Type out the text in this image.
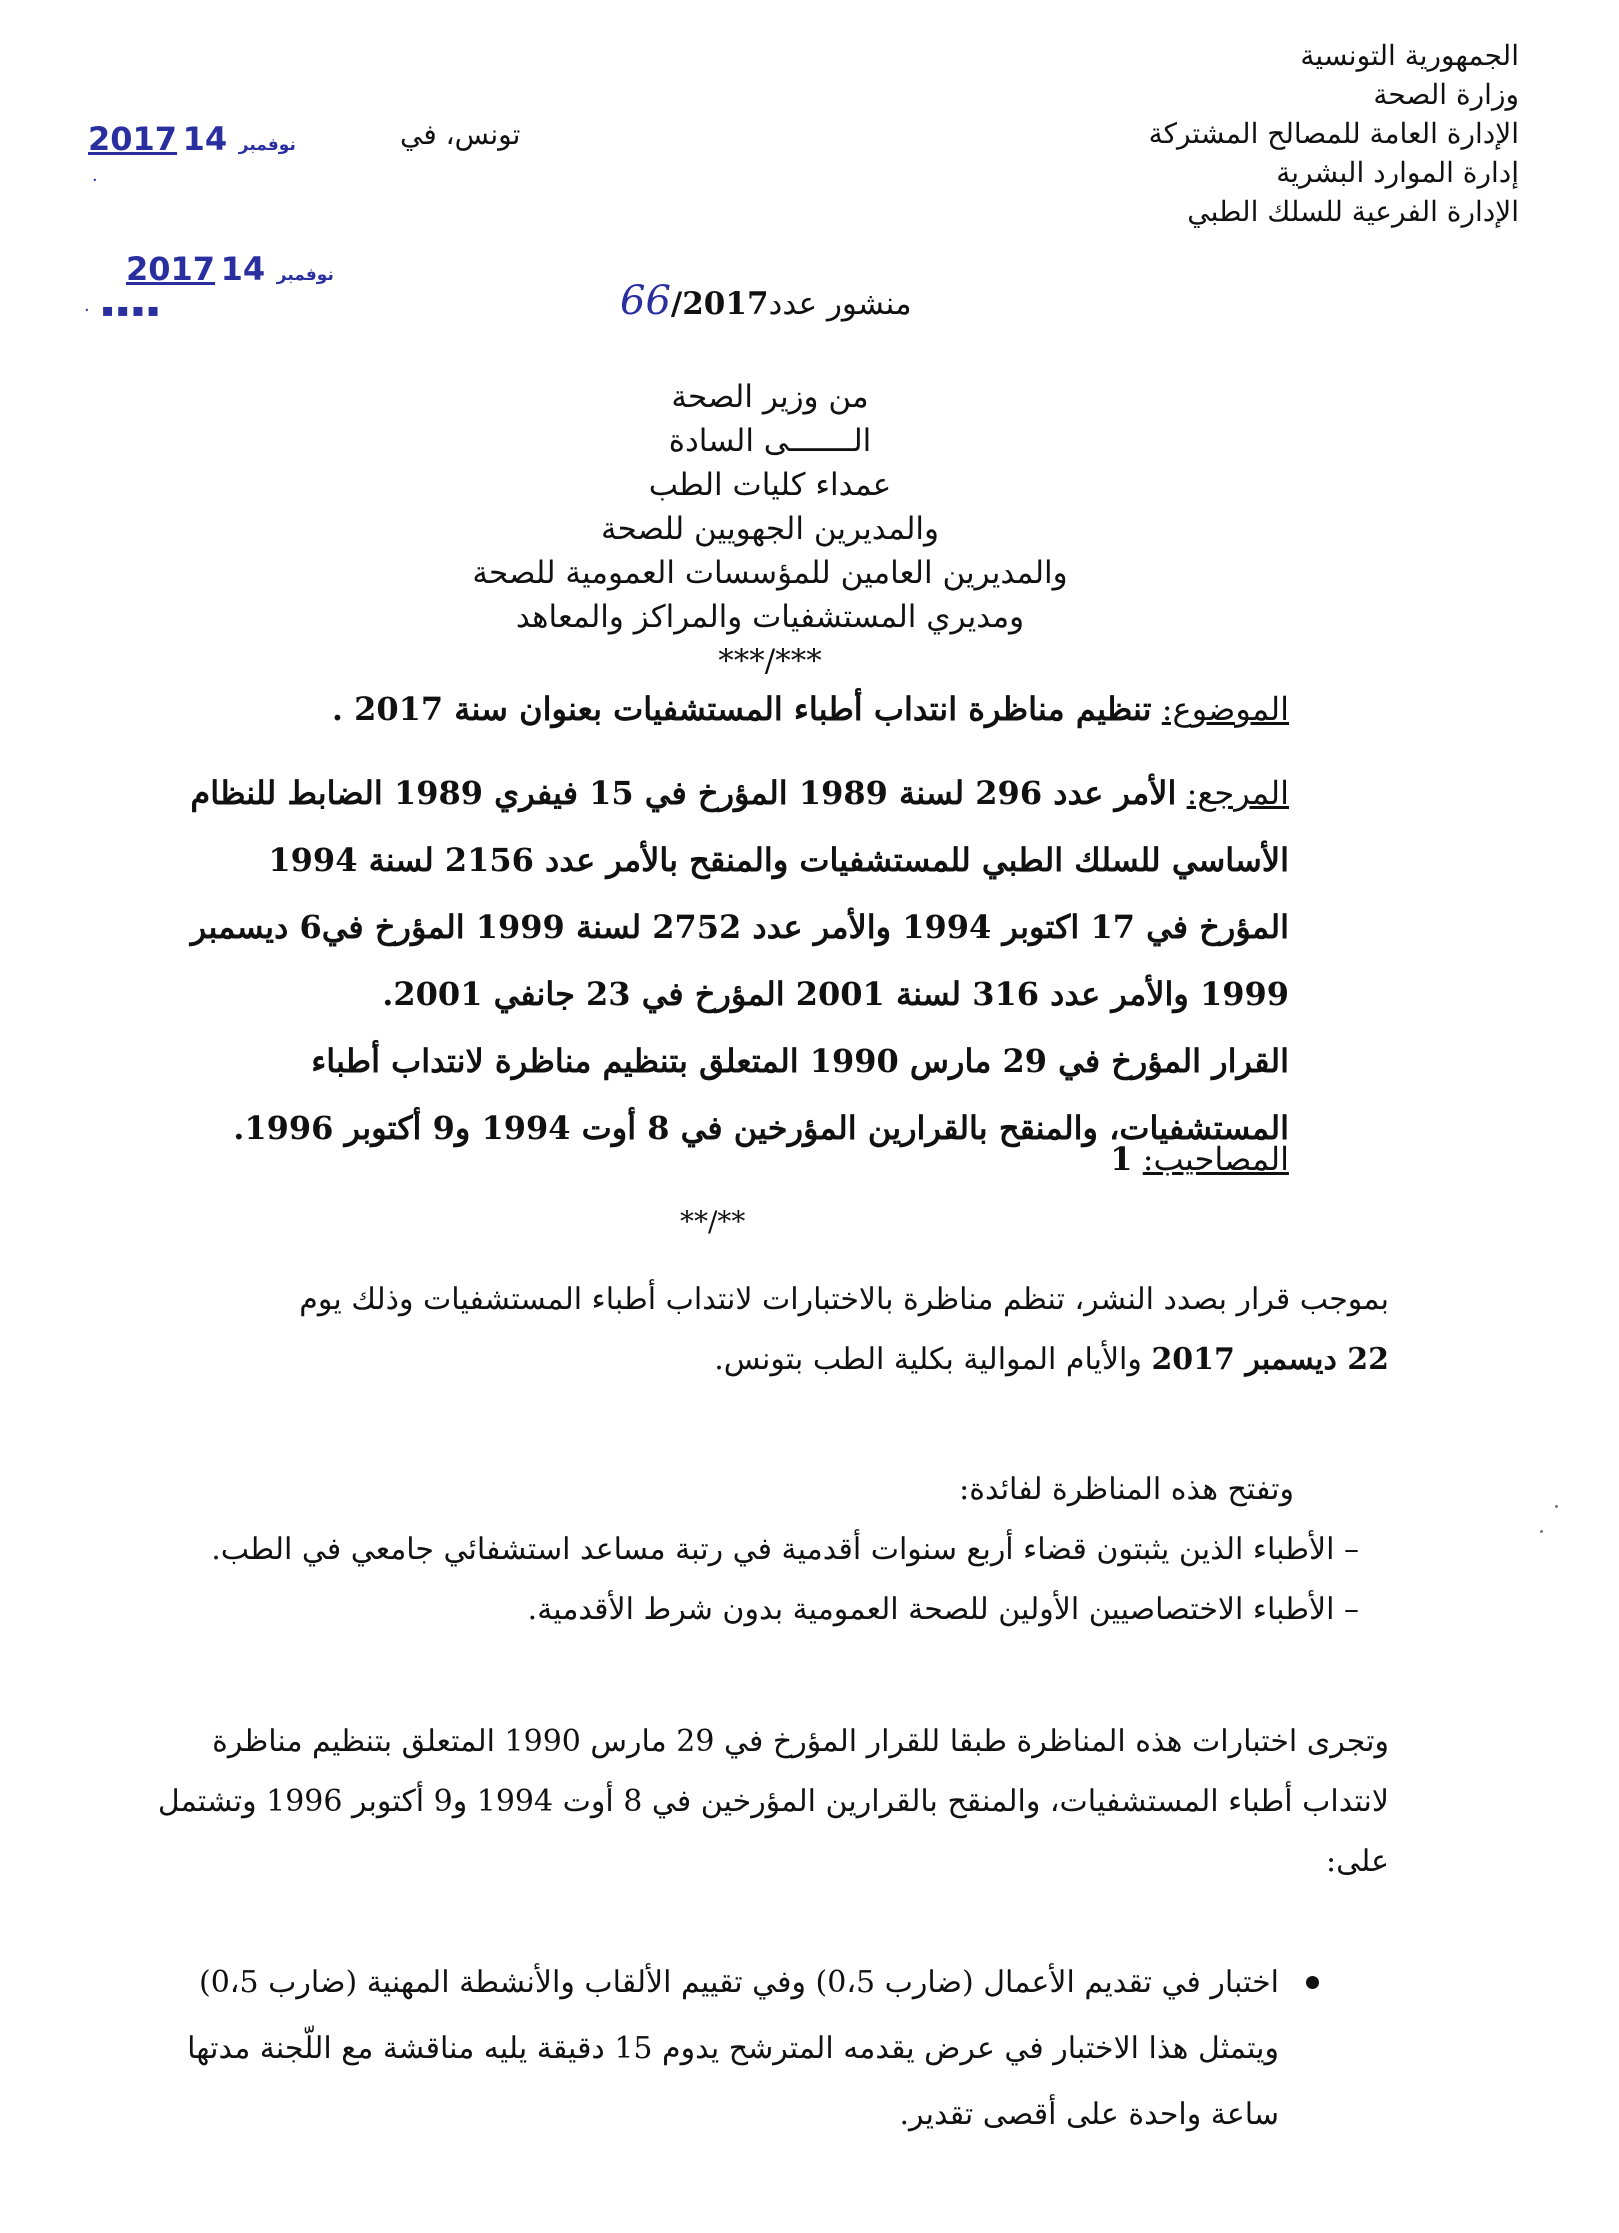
الجمهورية التونسية
وزارة الصحة
الإدارة العامة للمصالح المشتركة
إدارة الموارد البشرية
الإدارة الفرعية للسلك الطبي
تونس، في
2017	نوفمبر 14
·
2017	نوفمبر 14
· ▪▪▪▪	منشور عدد66/2017
من وزير الصحة
الـــــــى السادة
عمداء كليات الطب
والمديرين الجهويين للصحة
والمديرين العامين للمؤسسات العمومية للصحة
ومديري المستشفيات والمراكز والمعاهد
***/***
الموضوع: تنظيم مناظرة انتداب أطباء المستشفيات بعنوان سنة 2017 .
المرجع: الأمر عدد 296 لسنة 1989 المؤرخ في 15 فيفري 1989 الضابط للنظام
الأساسي للسلك الطبي للمستشفيات والمنقح بالأمر عدد 2156 لسنة 1994
المؤرخ في 17 اكتوبر 1994 والأمر عدد 2752 لسنة 1999 المؤرخ في6 ديسمبر
1999 والأمر عدد 316 لسنة 2001 المؤرخ في 23 جانفي 2001.
القرار المؤرخ في 29 مارس 1990 المتعلق بتنظيم مناظرة لانتداب أطباء
المستشفيات، والمنقح بالقرارين المؤرخين في 8 أوت 1994 و9 أكتوبر 1996.
المصاحيب: 1
**/**
بموجب قرار بصدد النشر، تنظم مناظرة بالاختبارات لانتداب أطباء المستشفيات وذلك يوم
22 ديسمبر 2017 والأيام الموالية بكلية الطب بتونس.
وتفتح هذه المناظرة لفائدة:
– الأطباء الذين يثبتون قضاء أربع سنوات أقدمية في رتبة مساعد استشفائي جامعي في الطب.
– الأطباء الاختصاصيين الأولين للصحة العمومية بدون شرط الأقدمية.
وتجرى اختبارات هذه المناظرة طبقا للقرار المؤرخ في 29 مارس 1990 المتعلق بتنظيم مناظرة
لانتداب أطباء المستشفيات، والمنقح بالقرارين المؤرخين في 8 أوت 1994 و9 أكتوبر 1996 وتشتمل
على:
اختبار في تقديم الأعمال (ضارب 0،5) وفي تقييم الألقاب والأنشطة المهنية (ضارب 0،5)
ويتمثل هذا الاختبار في عرض يقدمه المترشح يدوم 15 دقيقة يليه مناقشة مع اللّجنة مدتها
ساعة واحدة على أقصى تقدير.
